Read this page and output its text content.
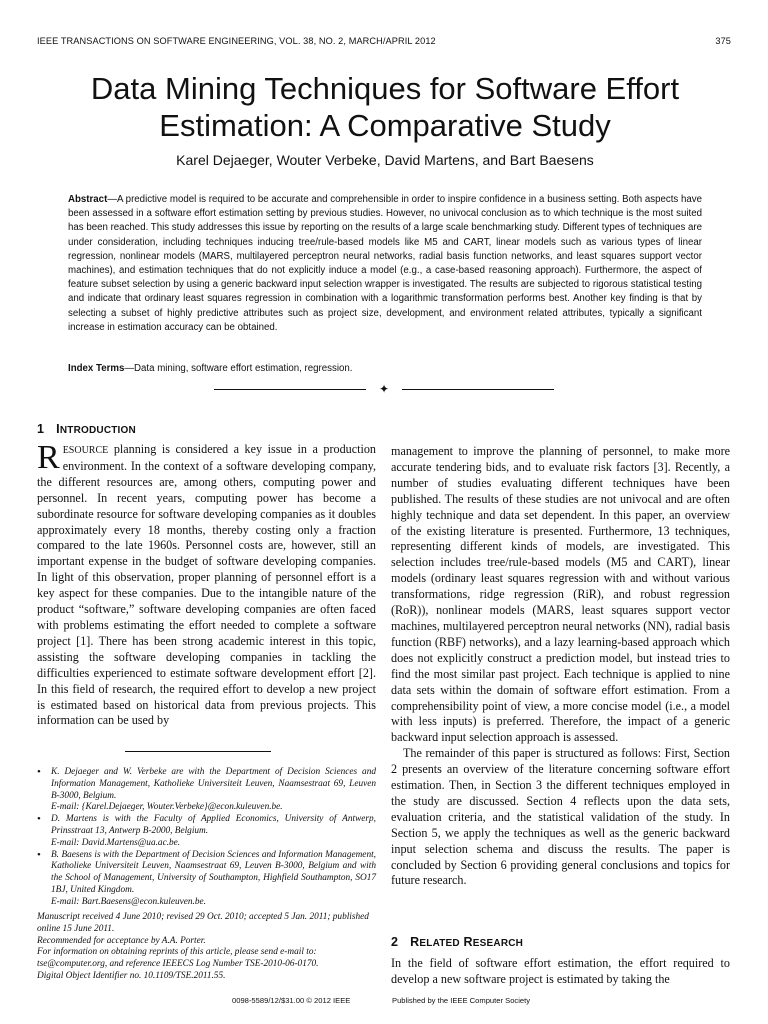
IEEE TRANSACTIONS ON SOFTWARE ENGINEERING, VOL. 38, NO. 2, MARCH/APRIL 2012	375
Data Mining Techniques for Software Effort Estimation: A Comparative Study
Karel Dejaeger, Wouter Verbeke, David Martens, and Bart Baesens

Abstract—A predictive model is required to be accurate and comprehensible in order to inspire confidence in a business setting. Both aspects have been assessed in a software effort estimation setting by previous studies. However, no univocal conclusion as to which technique is the most suited has been reached. This study addresses this issue by reporting on the results of a large scale benchmarking study. Different types of techniques are under consideration, including techniques inducing tree/rule-based models like M5 and CART, linear models such as various types of linear regression, nonlinear models (MARS, multilayered perceptron neural networks, radial basis function networks, and least squares support vector machines), and estimation techniques that do not explicitly induce a model (e.g., a case-based reasoning approach). Furthermore, the aspect of feature subset selection by using a generic backward input selection wrapper is investigated. The results are subjected to rigorous statistical testing and indicate that ordinary least squares regression in combination with a logarithmic transformation performs best. Another key finding is that by selecting a subset of highly predictive attributes such as project size, development, and environment related attributes, typically a significant increase in estimation accuracy can be obtained.

Index Terms—Data mining, software effort estimation, regression.

✦
1 INTRODUCTION

RESOURCE planning is considered a key issue in a production environment. In the context of a software developing company, the different resources are, among others, computing power and personnel. In recent years, computing power has become a subordinate resource for software developing companies as it doubles approximately every 18 months, thereby costing only a fraction compared to the late 1960s. Personnel costs are, however, still an important expense in the budget of software developing companies. In light of this observation, proper planning of personnel effort is a key aspect for these companies. Due to the intangible nature of the product “software,” software developing companies are often faced with problems estimating the effort needed to complete a software project [1]. There has been strong academic interest in this topic, assisting the software developing companies in tackling the difficulties experienced to estimate software development effort [2]. In this field of research, the required effort to develop a new project is estimated based on historical data from previous projects. This information can be used by

• K. Dejaeger and W. Verbeke are with the Department of Decision Sciences and Information Management, Katholieke Universiteit Leuven, Naamsestraat 69, Leuven B-3000, Belgium.
E-mail: {Karel.Dejaeger, Wouter.Verbeke}@econ.kuleuven.be.
• D. Martens is with the Faculty of Applied Economics, University of Antwerp, Prinsstraat 13, Antwerp B-2000, Belgium.
E-mail: David.Martens@ua.ac.be.
• B. Baesens is with the Department of Decision Sciences and Information Management, Katholieke Universiteit Leuven, Naamsestraat 69, Leuven B-3000, Belgium and with the School of Management, University of Southampton, Highfield Southampton, SO17 1BJ, United Kingdom.
E-mail: Bart.Baesens@econ.kuleuven.be.
Manuscript received 4 June 2010; revised 29 Oct. 2010; accepted 5 Jan. 2011; published online 15 June 2011.
Recommended for acceptance by A.A. Porter.
For information on obtaining reprints of this article, please send e-mail to: tse@computer.org, and reference IEEECS Log Number TSE-2010-06-0170.
Digital Object Identifier no. 10.1109/TSE.2011.55.

management to improve the planning of personnel, to make more accurate tendering bids, and to evaluate risk factors [3]. Recently, a number of studies evaluating different techniques have been published. The results of these studies are not univocal and are often highly technique and data set dependent. In this paper, an overview of the existing literature is presented. Furthermore, 13 techniques, representing different kinds of models, are investigated. This selection includes tree/rule-based models (M5 and CART), linear models (ordinary least squares regression with and without various transformations, ridge regression (RiR), and robust regression (RoR)), nonlinear models (MARS, least squares support vector machines, multilayered perceptron neural networks (NN), radial basis function (RBF) networks), and a lazy learning-based approach which does not explicitly construct a prediction model, but instead tries to find the most similar past project. Each technique is applied to nine data sets within the domain of software effort estimation. From a comprehensibility point of view, a more concise model (i.e., a model with less inputs) is preferred. Therefore, the impact of a generic backward input selection approach is assessed.

The remainder of this paper is structured as follows: First, Section 2 presents an overview of the literature concerning software effort estimation. Then, in Section 3 the different techniques employed in the study are discussed. Section 4 reflects upon the data sets, evaluation criteria, and the statistical validation of the study. In Section 5, we apply the techniques as well as the generic backward input selection schema and discuss the results. The paper is concluded by Section 6 providing general conclusions and topics for future research.

2 RELATED RESEARCH

In the field of software effort estimation, the effort required to develop a new software project is estimated by taking the

0098-5589/12/$31.00 © 2012 IEEE	Published by the IEEE Computer Society
